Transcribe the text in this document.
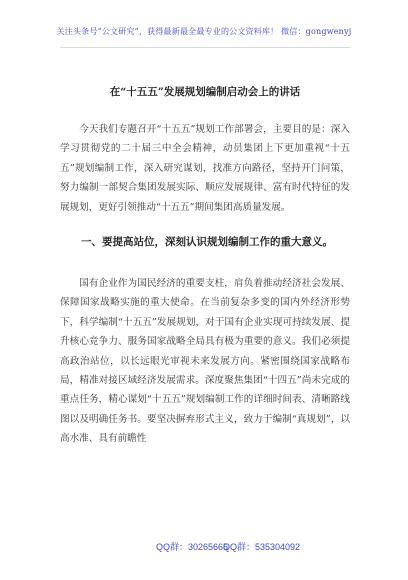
关注头条号“公文研究”，获得最新最全最专业的公文资料库！ 微信：gongwenyj
在“十五五”发展规划编制启动会上的讲话

今天我们专题召开“十五五”规划工作部署会，主要目的是：深入学习贯彻党的二十届三中全会精神，动员集团上下更加重视“十五五”规划编制工作，深入研究谋划，找准方向路径，坚持开门问策，努力编制一部契合集团发展实际、顺应发展规律、富有时代特征的发展规划，更好引领推动“十五五”期间集团高质量发展。

一、要提高站位，深刻认识规划编制工作的重大意义。

国有企业作为国民经济的重要支柱，肩负着推动经济社会发展、保障国家战略实施的重大使命。在当前复杂多变的国内外经济形势下，科学编制“十五五”发展规划，对于国有企业实现可持续发展、提升核心竞争力、服务国家战略全局具有极为重要的意义。我们必须提高政治站位，以长远眼光审视未来发展方向。紧密围绕国家战略布局，精准对接区域经济发展需求。深度聚焦集团“十四五”尚未完成的重点任务，精心谋划“十五五”规划编制工作的详细时间表、清晰路线图以及明确任务书。要坚决摒弃形式主义，致力于编制“真规划”，以高水准、具有前瞻性

QQ群：30265665
QQ群：535304092
